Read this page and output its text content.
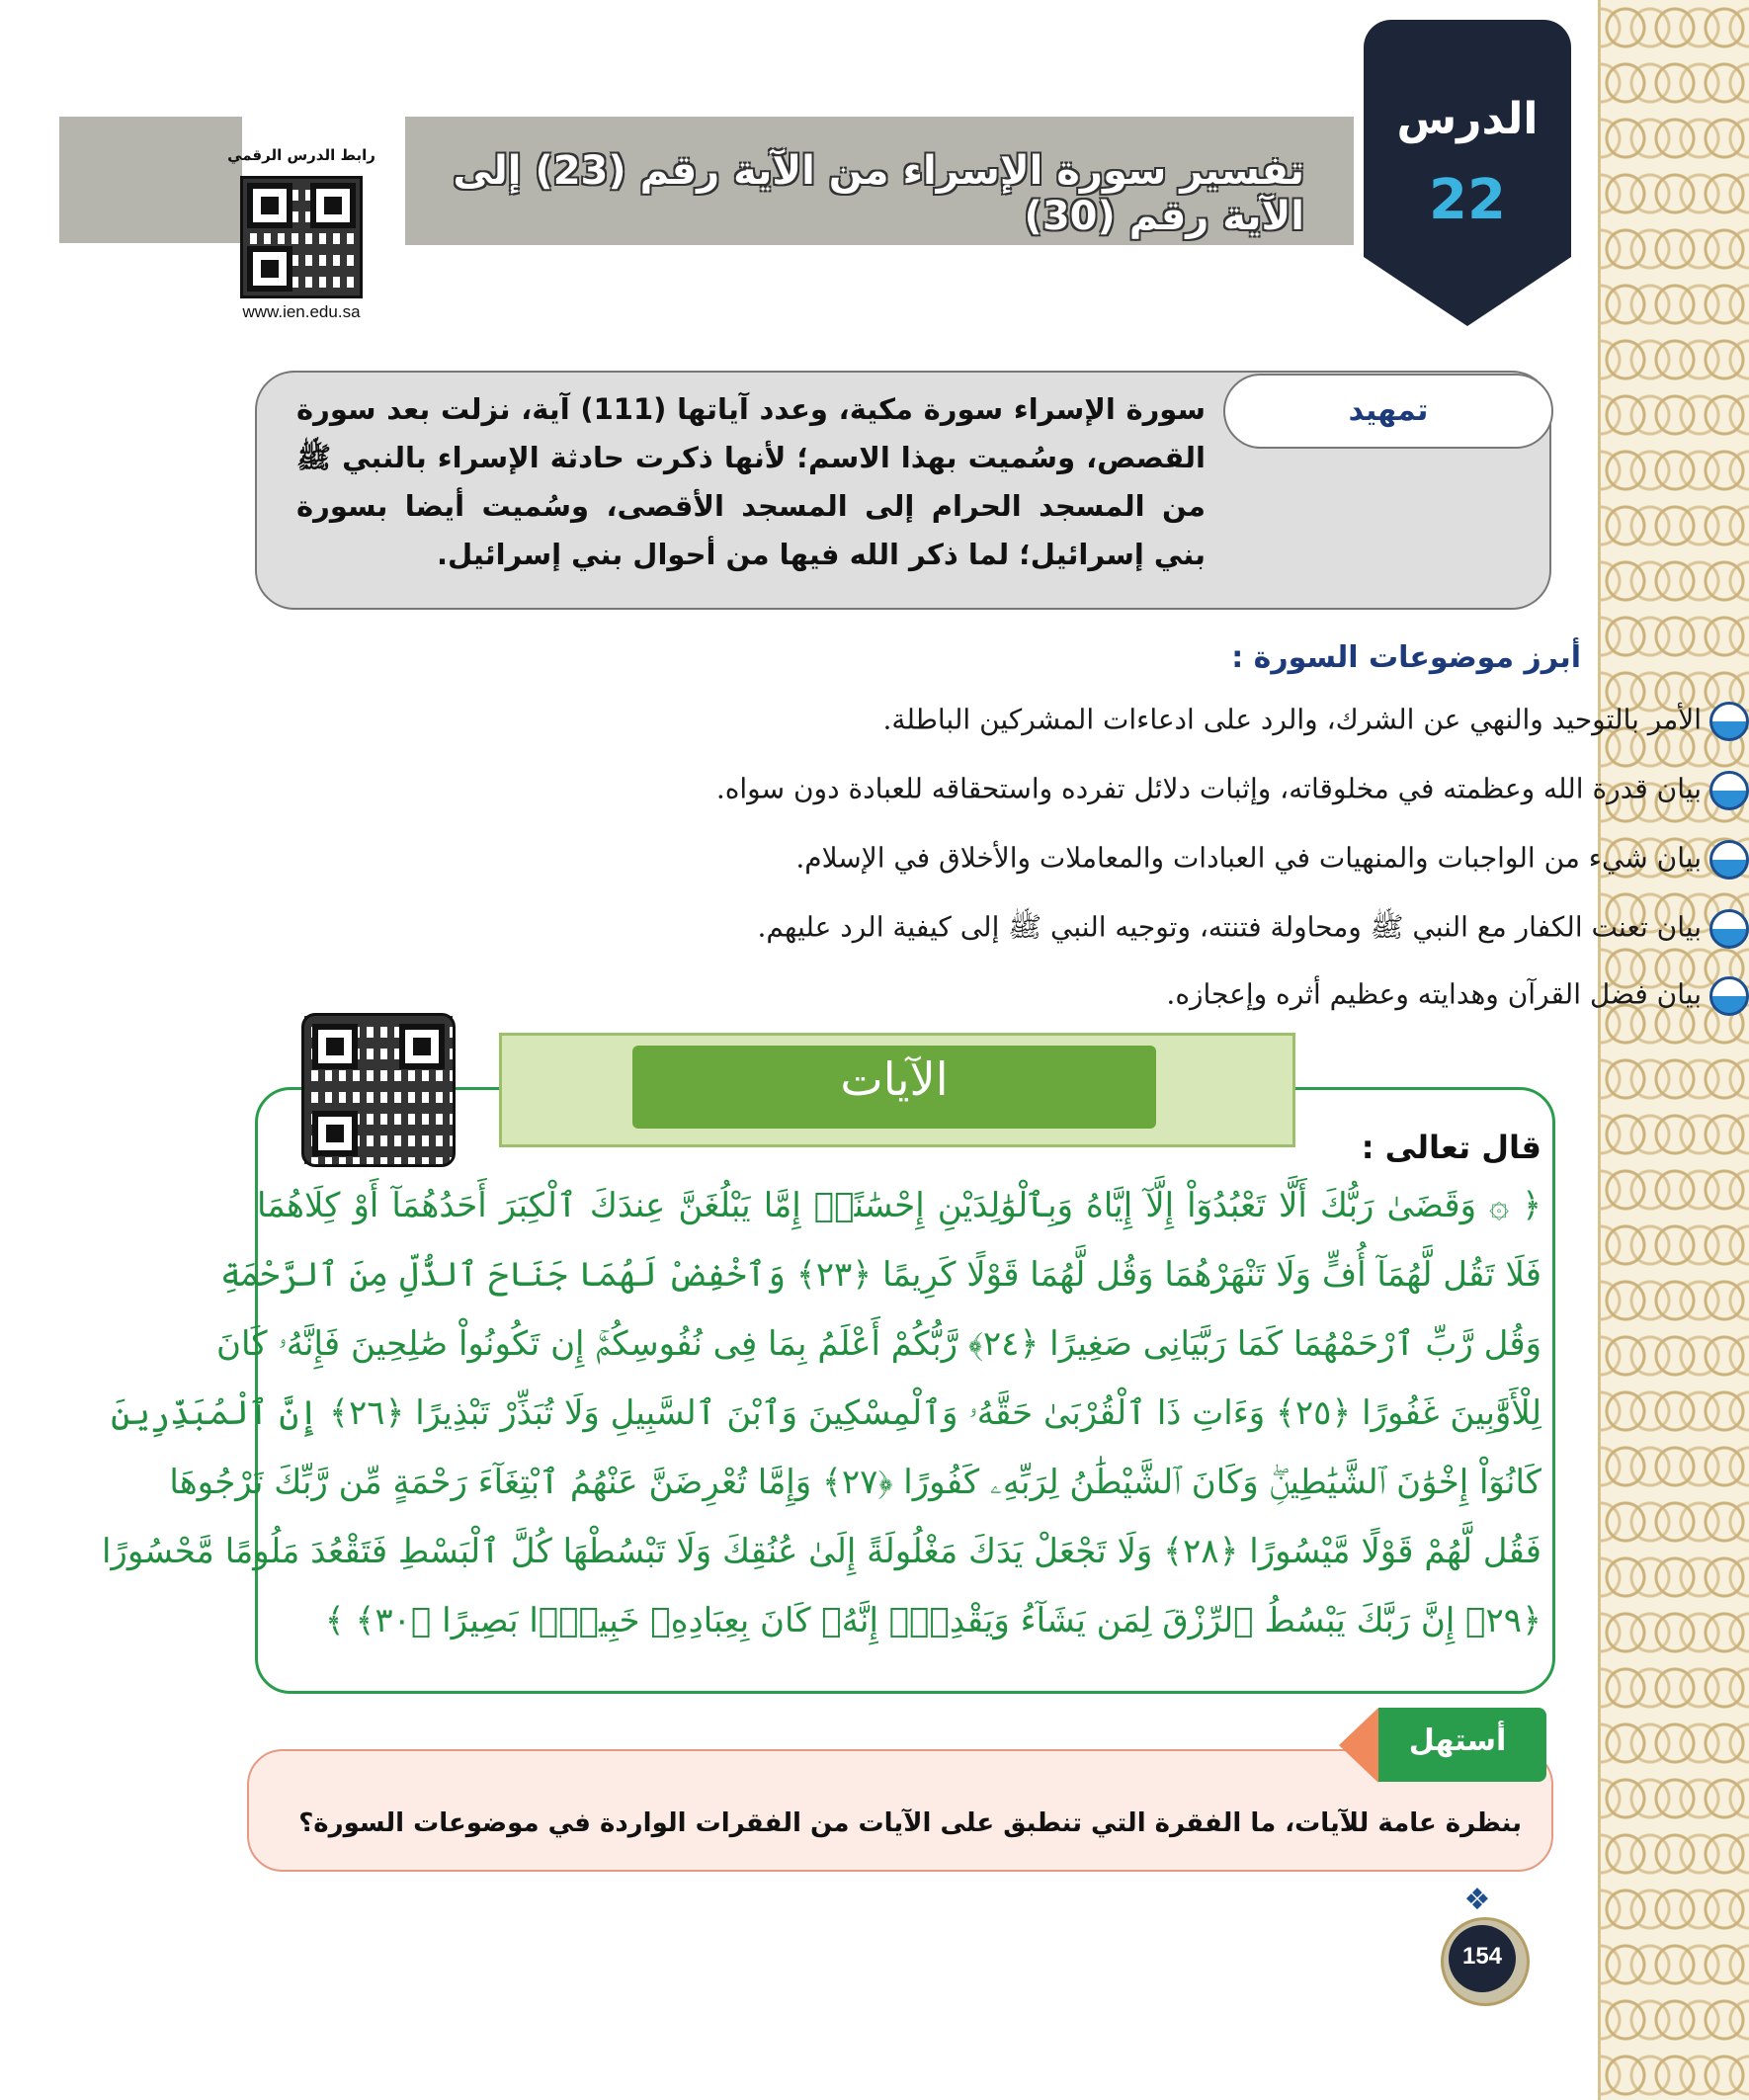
تفسير سورة الإسراء من الآية رقم (23) إلى الآية رقم (30)
الدرس
22
رابط الدرس الرقمي
www.ien.edu.sa
تمهيد
سورة الإسراء سورة مكية، وعدد آياتها (111) آية، نزلت بعد سورة القصص، وسُميت بهذا الاسم؛ لأنها ذكرت حادثة الإسراء بالنبي ﷺ من المسجد الحرام إلى المسجد الأقصى، وسُميت أيضا بسورة بني إسرائيل؛ لما ذكر الله فيها من أحوال بني إسرائيل.
أبرز موضوعات السورة :
الأمر بالتوحيد والنهي عن الشرك، والرد على ادعاءات المشركين الباطلة.
بيان قدرة الله وعظمته في مخلوقاته، وإثبات دلائل تفرده واستحقاقه للعبادة دون سواه.
بيان شيء من الواجبات والمنهيات في العبادات والمعاملات والأخلاق في الإسلام.
بيان تعنت الكفار مع النبي ﷺ ومحاولة فتنته، وتوجيه النبي ﷺ إلى كيفية الرد عليهم.
بيان فضل القرآن وهدايته وعظيم أثره وإعجازه.
الآيات
قال تعالى :
﴿ ۞ وَقَضَىٰ رَبُّكَ أَلَّا تَعْبُدُوٓاْ إِلَّآ إِيَّاهُ وَبِٱلْوَٰلِدَيْنِ إِحْسَٰنًاۚ إِمَّا يَبْلُغَنَّ عِندَكَ ٱلْكِبَرَ أَحَدُهُمَآ أَوْ كِلَاهُمَا
فَلَا تَقُل لَّهُمَآ أُفٍّ وَلَا تَنْهَرْهُمَا وَقُل لَّهُمَا قَوْلًا كَرِيمًا ﴿٢٣﴾ وَٱخْفِضْ لَهُمَا جَنَاحَ ٱلذُّلِّ مِنَ ٱلرَّحْمَةِ
وَقُل رَّبِّ ٱرْحَمْهُمَا كَمَا رَبَّيَانِى صَغِيرًا ﴿٢٤﴾ رَّبُّكُمْ أَعْلَمُ بِمَا فِى نُفُوسِكُمْۚ إِن تَكُونُواْ صَٰلِحِينَ فَإِنَّهُۥ كَانَ
لِلْأَوَّٰبِينَ غَفُورًا ﴿٢٥﴾ وَءَاتِ ذَا ٱلْقُرْبَىٰ حَقَّهُۥ وَٱلْمِسْكِينَ وَٱبْنَ ٱلسَّبِيلِ وَلَا تُبَذِّرْ تَبْذِيرًا ﴿٢٦﴾ إِنَّ ٱلْمُبَذِّرِينَ
كَانُوٓاْ إِخْوَٰنَ ٱلشَّيَٰطِينِۖ وَكَانَ ٱلشَّيْطَٰنُ لِرَبِّهِۦ كَفُورًا ﴿٢٧﴾ وَإِمَّا تُعْرِضَنَّ عَنْهُمُ ٱبْتِغَآءَ رَحْمَةٍ مِّن رَّبِّكَ تَرْجُوهَا
فَقُل لَّهُمْ قَوْلًا مَّيْسُورًا ﴿٢٨﴾ وَلَا تَجْعَلْ يَدَكَ مَغْلُولَةً إِلَىٰ عُنُقِكَ وَلَا تَبْسُطْهَا كُلَّ ٱلْبَسْطِ فَتَقْعُدَ مَلُومًا مَّحْسُورًا
﴿٢٩﴾ إِنَّ رَبَّكَ يَبْسُطُ ٱلرِّزْقَ لِمَن يَشَآءُ وَيَقْدِرُۚ إِنَّهُۥ كَانَ بِعِبَادِهِۦ خَبِيرًۢا بَصِيرًا ﴿٣٠﴾ ﴾
أستهل
بنظرة عامة للآيات، ما الفقرة التي تنطبق على الآيات من الفقرات الواردة في موضوعات السورة؟
❖
154
